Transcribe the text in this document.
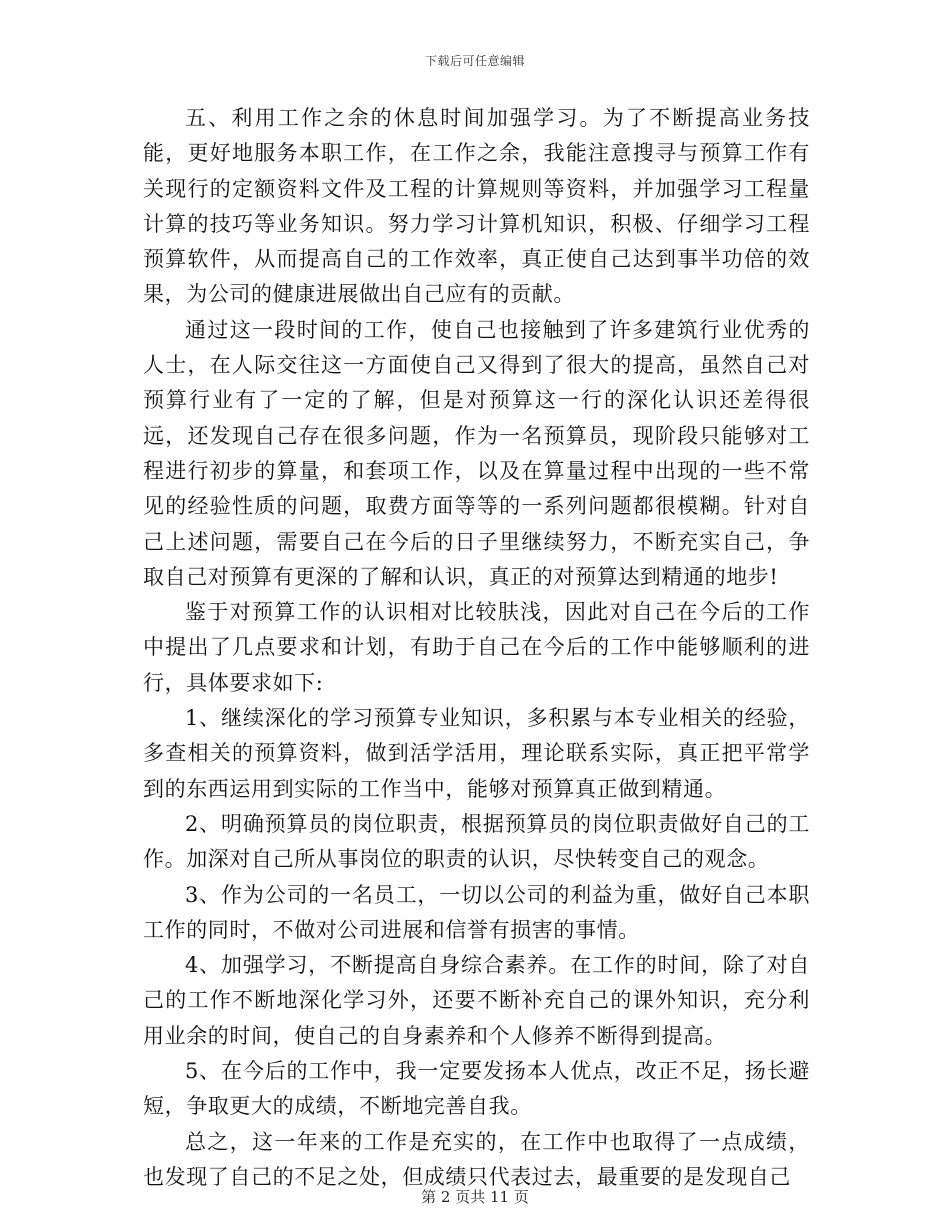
下载后可任意编辑

五、利用工作之余的休息时间加强学习。为了不断提高业务技能，更好地服务本职工作，在工作之余，我能注意搜寻与预算工作有关现行的定额资料文件及工程的计算规则等资料，并加强学习工程量计算的技巧等业务知识。努力学习计算机知识，积极、仔细学习工程预算软件，从而提高自己的工作效率，真正使自己达到事半功倍的效果，为公司的健康进展做出自己应有的贡献。

通过这一段时间的工作，使自己也接触到了许多建筑行业优秀的人士，在人际交往这一方面使自己又得到了很大的提高，虽然自己对预算行业有了一定的了解，但是对预算这一行的深化认识还差得很远，还发现自己存在很多问题，作为一名预算员，现阶段只能够对工程进行初步的算量，和套项工作，以及在算量过程中出现的一些不常见的经验性质的问题，取费方面等等的一系列问题都很模糊。针对自己上述问题，需要自己在今后的日子里继续努力，不断充实自己，争取自己对预算有更深的了解和认识，真正的对预算达到精通的地步!

鉴于对预算工作的认识相对比较肤浅，因此对自己在今后的工作中提出了几点要求和计划，有助于自己在今后的工作中能够顺利的进行，具体要求如下:

1、继续深化的学习预算专业知识，多积累与本专业相关的经验，多查相关的预算资料，做到活学活用，理论联系实际，真正把平常学到的东西运用到实际的工作当中，能够对预算真正做到精通。

2、明确预算员的岗位职责，根据预算员的岗位职责做好自己的工作。加深对自己所从事岗位的职责的认识，尽快转变自己的观念。

3、作为公司的一名员工，一切以公司的利益为重，做好自己本职工作的同时，不做对公司进展和信誉有损害的事情。

4、加强学习，不断提高自身综合素养。在工作的时间，除了对自己的工作不断地深化学习外，还要不断补充自己的课外知识，充分利用业余的时间，使自己的自身素养和个人修养不断得到提高。

5、在今后的工作中，我一定要发扬本人优点，改正不足，扬长避短，争取更大的成绩，不断地完善自我。

总之，这一年来的工作是充实的，在工作中也取得了一点成绩，也发现了自己的不足之处，但成绩只代表过去，最重要的是发现自己

第 2 页共 11 页
